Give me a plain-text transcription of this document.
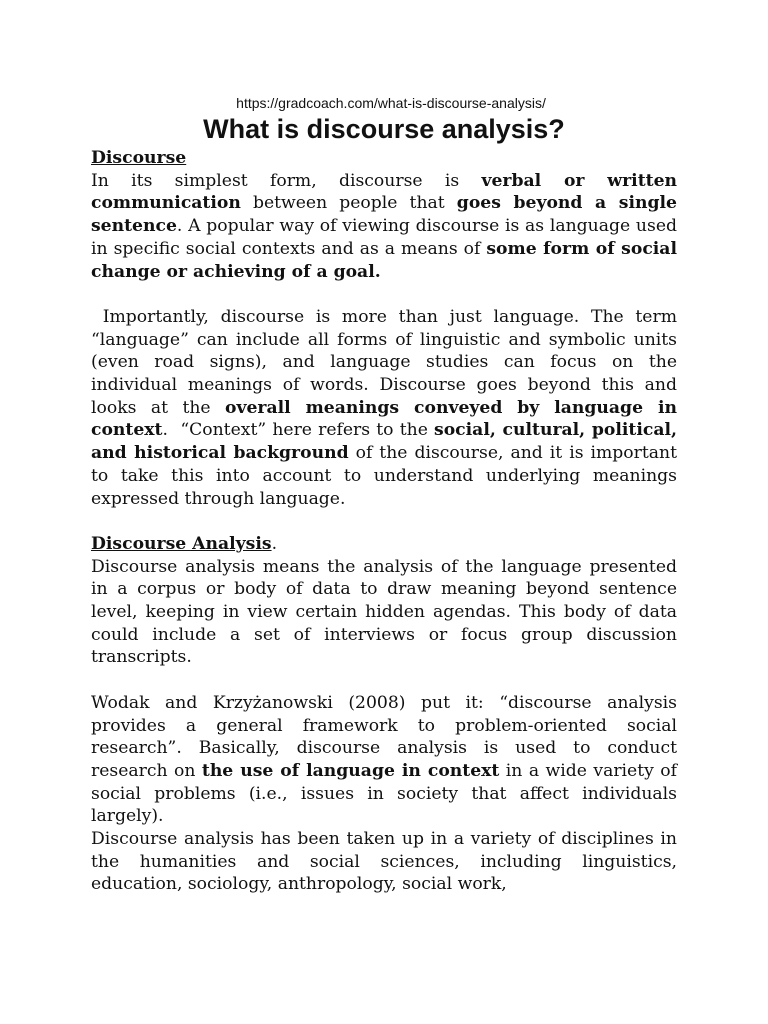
https://gradcoach.com/what-is-discourse-analysis/
What is discourse analysis?
Discourse

In its simplest form, discourse is verbal or written communication between people that goes beyond a single sentence. A popular way of viewing discourse is as language used in specific social contexts and as a means of some form of social change or achieving of a goal.

Importantly, discourse is more than just language. The term “language” can include all forms of linguistic and symbolic units (even road signs), and language studies can focus on the individual meanings of words. Discourse goes beyond this and looks at the overall meanings conveyed by language in context.  “Context” here refers to the social, cultural, political, and historical background of the discourse, and it is important to take this into account to understand underlying meanings expressed through language.

Discourse Analysis.

Discourse analysis means the analysis of the language presented in a corpus or body of data to draw meaning beyond sentence level, keeping in view certain hidden agendas. This body of data could include a set of interviews or focus group discussion transcripts.

Wodak and Krzyżanowski (2008) put it: “discourse analysis provides a general framework to problem-oriented social research”. Basically, discourse analysis is used to conduct research on the use of language in context in a wide variety of social problems (i.e., issues in society that affect individuals largely).

Discourse analysis has been taken up in a variety of disciplines in the humanities and social sciences, including linguistics, education, sociology, anthropology, social work,
